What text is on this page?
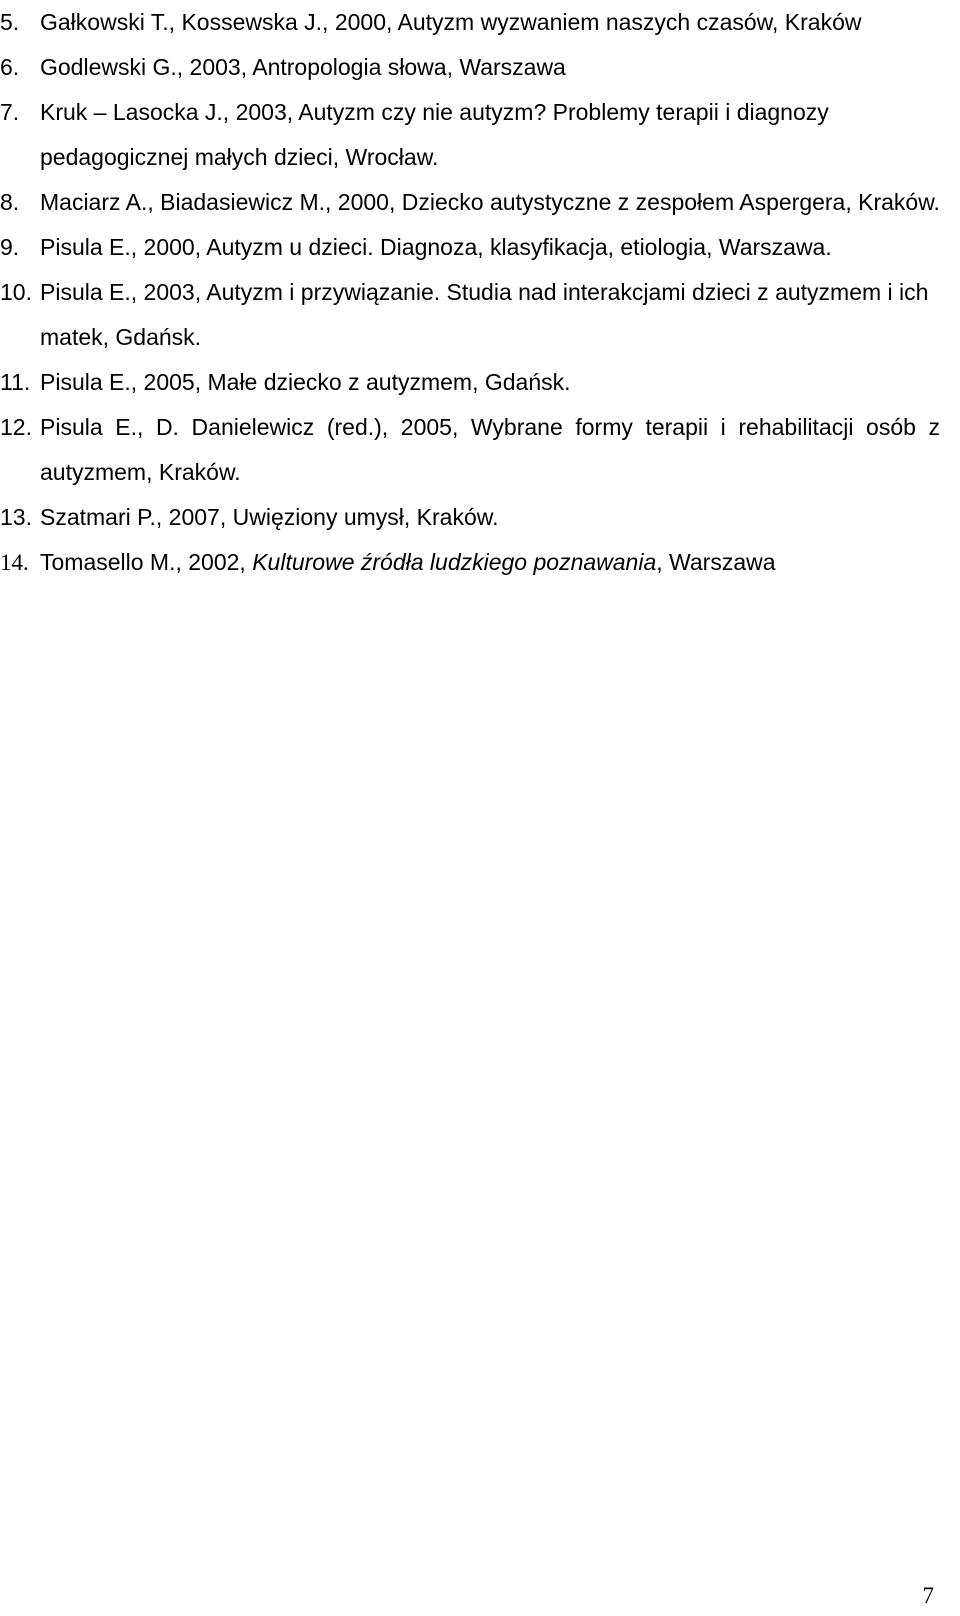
5. Gałkowski T., Kossewska J., 2000, Autyzm wyzwaniem naszych czasów, Kraków
6. Godlewski G., 2003, Antropologia słowa, Warszawa
7. Kruk – Lasocka J., 2003, Autyzm czy nie autyzm? Problemy terapii i diagnozy pedagogicznej małych dzieci, Wrocław.
8. Maciarz A., Biadasiewicz M., 2000, Dziecko autystyczne z zespołem Aspergera, Kraków.
9. Pisula E., 2000, Autyzm u dzieci. Diagnoza, klasyfikacja, etiologia, Warszawa.
10. Pisula E., 2003, Autyzm i przywiązanie. Studia nad interakcjami dzieci z autyzmem i ich matek, Gdańsk.
11. Pisula E., 2005, Małe dziecko z autyzmem, Gdańsk.
12. Pisula E., D. Danielewicz (red.), 2005, Wybrane formy terapii i rehabilitacji osób z autyzmem, Kraków.
13. Szatmari P., 2007, Uwięziony umysł, Kraków.
14. Tomasello M., 2002, Kulturowe źródła ludzkiego poznawania, Warszawa
7
